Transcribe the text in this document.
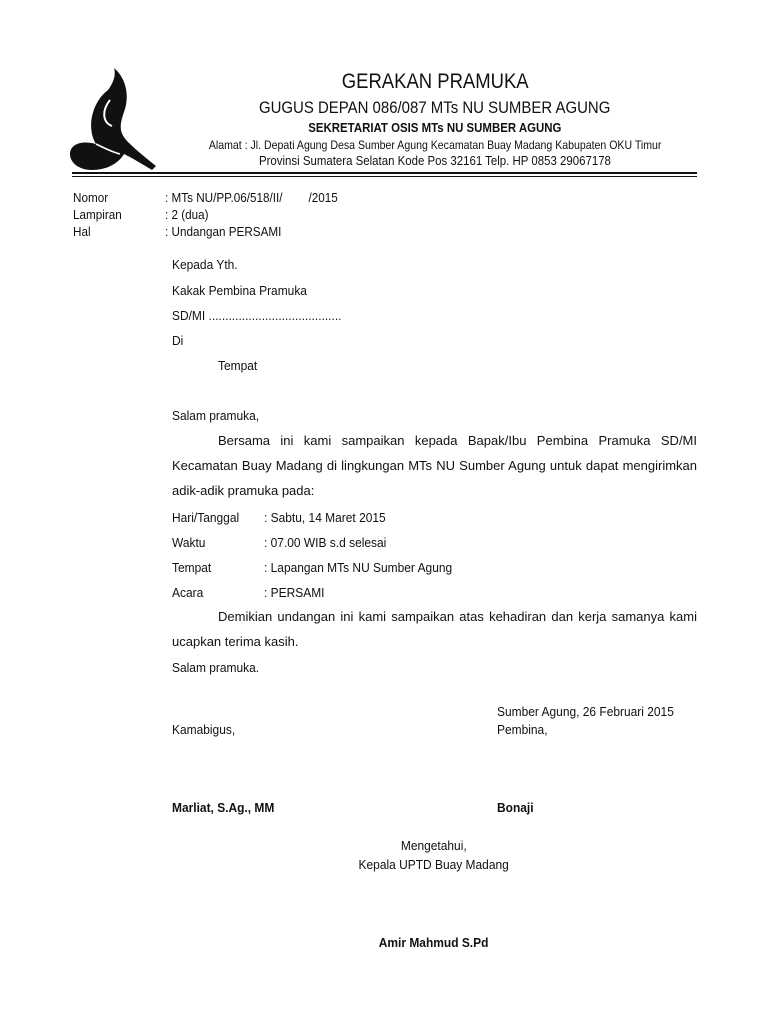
GERAKAN PRAMUKA
GUGUS DEPAN 086/087 MTs NU SUMBER AGUNG
SEKRETARIAT OSIS MTs NU SUMBER AGUNG
Alamat : Jl. Depati Agung Desa Sumber Agung Kecamatan Buay Madang Kabupaten OKU Timur
Provinsi Sumatera Selatan Kode Pos 32161 Telp. HP 0853 29067178
Nomor	: MTs NU/PP.06/518/II/        /2015
Lampiran	: 2 (dua)
Hal	: Undangan PERSAMI
Kepada Yth.
Kakak Pembina Pramuka
SD/MI ........................................
Di
Tempat
Salam pramuka,
Bersama ini kami sampaikan kepada Bapak/Ibu Pembina Pramuka SD/MI Kecamatan Buay Madang di lingkungan MTs NU Sumber Agung untuk dapat mengirimkan adik-adik pramuka pada:
Hari/Tanggal	: Sabtu, 14 Maret 2015
Waktu	: 07.00 WIB s.d selesai
Tempat	: Lapangan MTs NU Sumber Agung
Acara	: PERSAMI
Demikian undangan ini kami sampaikan atas kehadiran dan kerja samanya kami ucapkan terima kasih.
Salam pramuka.
Sumber Agung, 26 Februari 2015
Kamabigus,	Pembina,
Marliat, S.Ag., MM	Bonaji
Mengetahui,
Kepala UPTD Buay Madang
Amir Mahmud S.Pd
